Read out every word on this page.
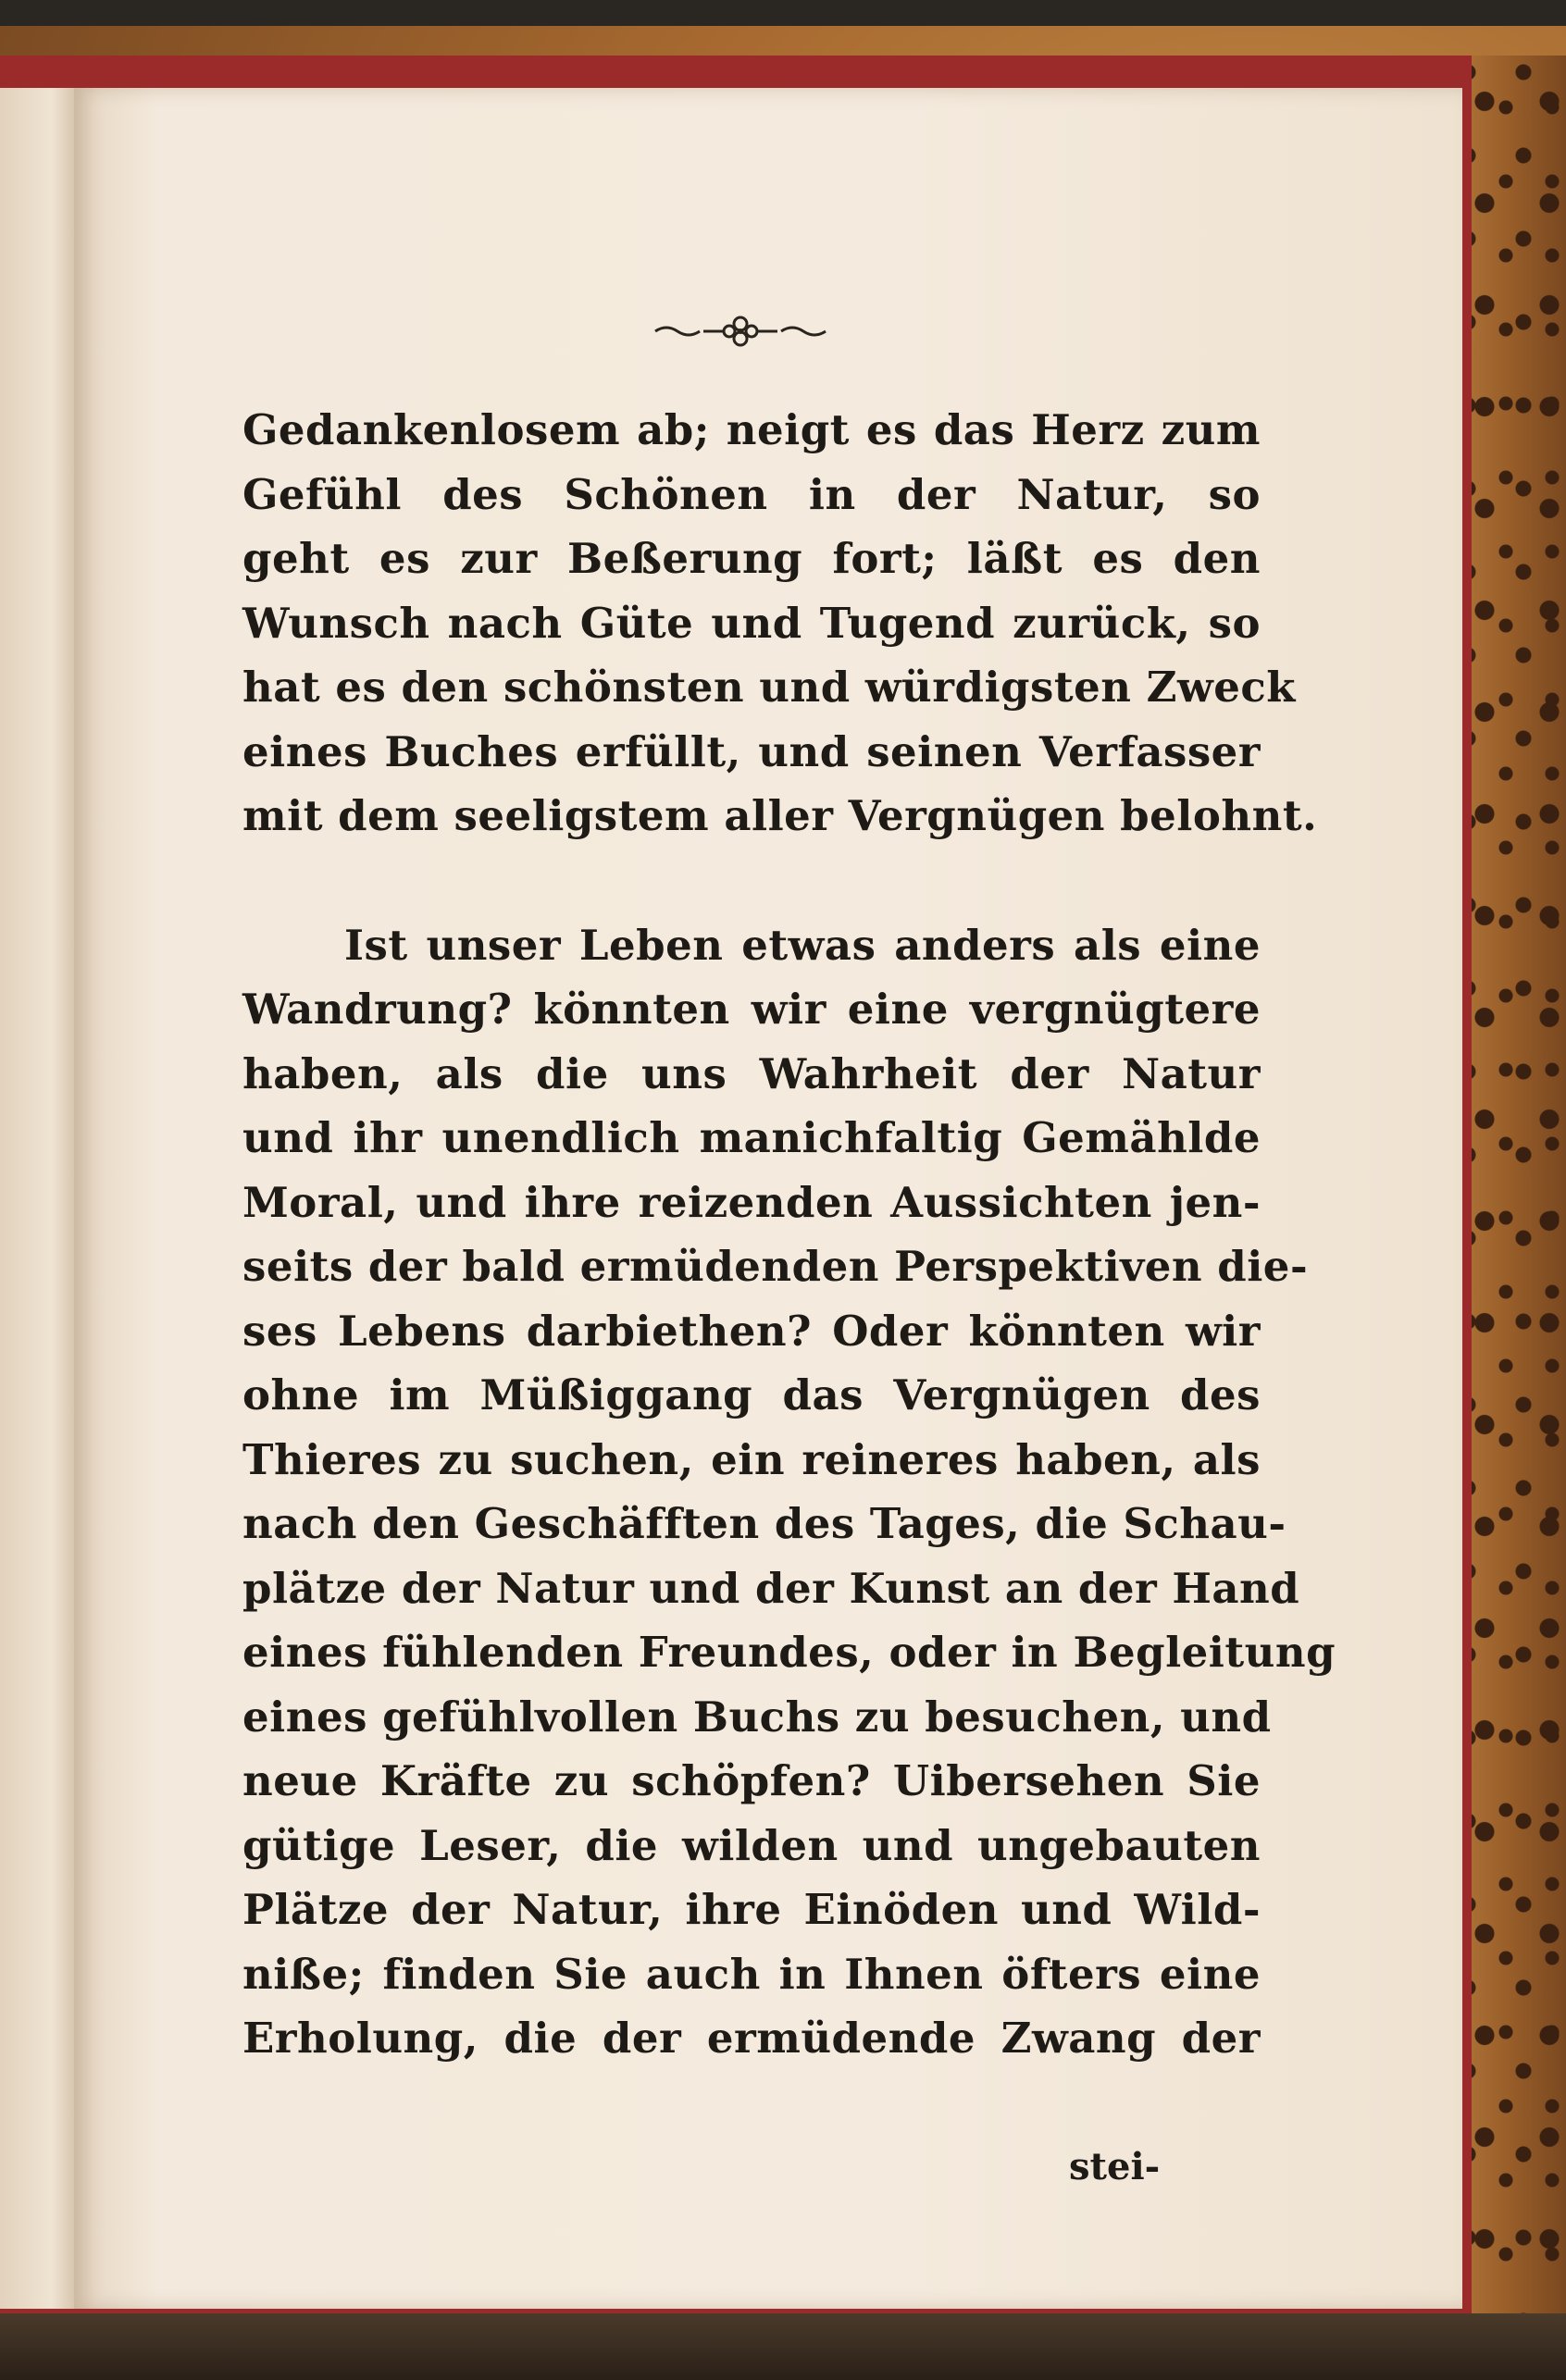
Gedankenlosem ab; neigt es das Herz zum
Gefühl des Schönen in der Natur, so
geht es zur Beßerung fort; läßt es den
Wunsch nach Güte und Tugend zurück, so
hat es den schönsten und würdigsten Zweck
eines Buches erfüllt, und seinen Verfasser
mit dem seeligstem aller Vergnügen belohnt.
Ist unser Leben etwas anders als eine
Wandrung? könnten wir eine vergnügtere
haben, als die uns Wahrheit der Natur
und ihr unendlich manichfaltig Gemählde
Moral, und ihre reizenden Aussichten jen-
seits der bald ermüdenden Perspektiven die-
ses Lebens darbiethen? Oder könnten wir
ohne im Müßiggang das Vergnügen des
Thieres zu suchen, ein reineres haben, als
nach den Geschäfften des Tages, die Schau-
plätze der Natur und der Kunst an der Hand
eines fühlenden Freundes, oder in Begleitung
eines gefühlvollen Buchs zu besuchen, und
neue Kräfte zu schöpfen? Uibersehen Sie
gütige Leser, die wilden und ungebauten
Plätze der Natur, ihre Einöden und Wild-
niße; finden Sie auch in Ihnen öfters eine
Erholung, die der ermüdende Zwang der
stei-
